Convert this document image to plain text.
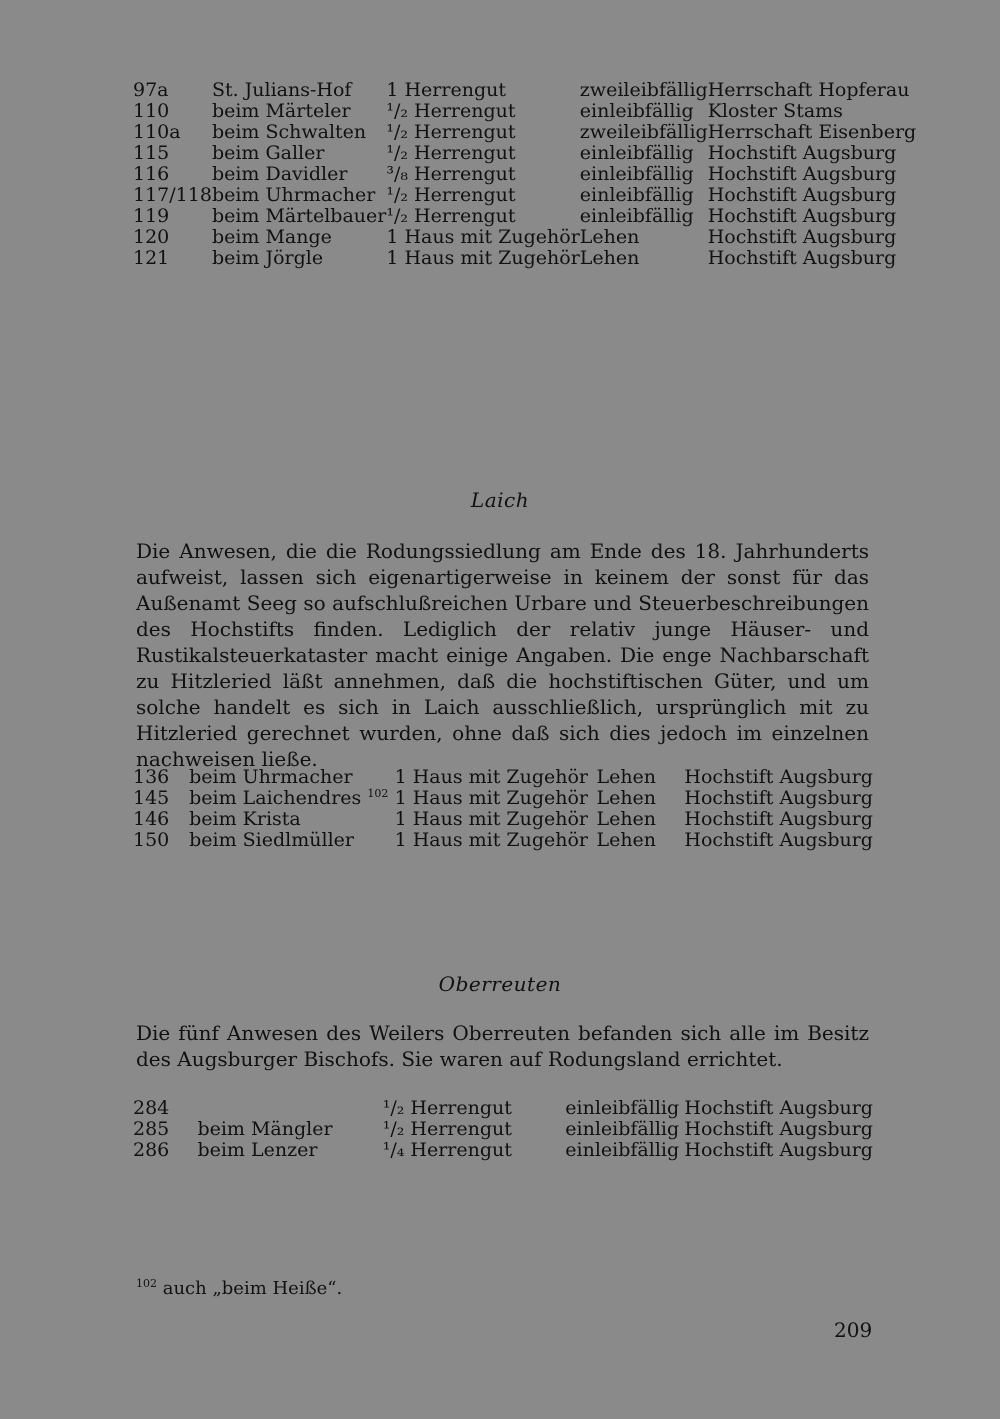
97a	St. Julians-Hof	1 Herrengut	zweileibfällig	Herrschaft Hopferau
110	beim Märteler	¹/₂ Herrengut	einleibfällig	Kloster Stams
110a	beim Schwalten	¹/₂ Herrengut	zweileibfällig	Herrschaft Eisenberg
115	beim Galler	¹/₂ Herrengut	einleibfällig	Hochstift Augsburg
116	beim Davidler	³/₈ Herrengut	einleibfällig	Hochstift Augsburg
117/118	beim Uhrmacher	¹/₂ Herrengut	einleibfällig	Hochstift Augsburg
119	beim Märtelbauer	¹/₂ Herrengut	einleibfällig	Hochstift Augsburg
120	beim Mange	1 Haus mit Zugehör	Lehen	Hochstift Augsburg
121	beim Jörgle	1 Haus mit Zugehör	Lehen	Hochstift Augsburg
Laich
Die Anwesen, die die Rodungssiedlung am Ende des 18. Jahrhunderts aufweist, lassen sich eigenartigerweise in keinem der sonst für das Außenamt Seeg so aufschlußreichen Urbare und Steuerbeschreibungen des Hochstifts finden. Lediglich der relativ junge Häuser- und Rustikalsteuerkataster macht einige Angaben. Die enge Nachbarschaft zu Hitzleried läßt annehmen, daß die hochstiftischen Güter, und um solche handelt es sich in Laich ausschließlich, ursprünglich mit zu Hitzleried gerechnet wurden, ohne daß sich dies jedoch im einzelnen nachweisen ließe.
136	beim Uhrmacher	1 Haus mit Zugehör	Lehen	Hochstift Augsburg
145	beim Laichendres $^{102}$	1 Haus mit Zugehör	Lehen	Hochstift Augsburg
146	beim Krista	1 Haus mit Zugehör	Lehen	Hochstift Augsburg
150	beim Siedlmüller	1 Haus mit Zugehör	Lehen	Hochstift Augsburg
Oberreuten
Die fünf Anwesen des Weilers Oberreuten befanden sich alle im Besitz des Augsburger Bischofs. Sie waren auf Rodungsland errichtet.
284		¹/₂ Herrengut	einleibfällig	Hochstift Augsburg
285	beim Mängler	¹/₂ Herrengut	einleibfällig	Hochstift Augsburg
286	beim Lenzer	¹/₄ Herrengut	einleibfällig	Hochstift Augsburg
$^{102}$ auch „beim Heiße“.
209
